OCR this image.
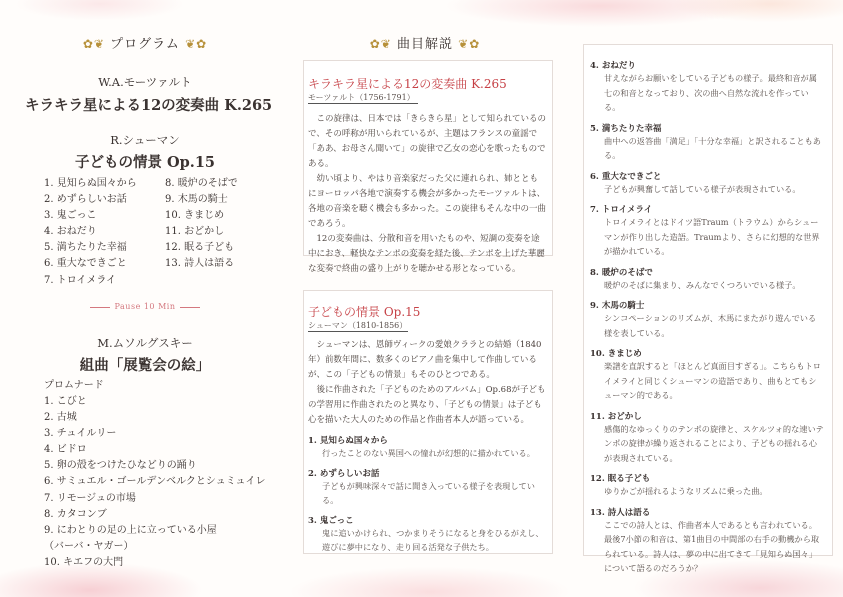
✿❦ プログラム ❦✿
W.A.モーツァルト
キラキラ星による12の変奏曲 K.265
R.シューマン
子どもの情景 Op.15
1. 見知らぬ国々から
2. めずらしいお話
3. 鬼ごっこ
4. おねだり
5. 満ちたりた幸福
6. 重大なできごと
7. トロイメライ
8. 暖炉のそばで
9. 木馬の騎士
10. きまじめ
11. おどかし
12. 眠る子ども
13. 詩人は語る
Pause 10 Min
M.ムソルグスキー
組曲「展覧会の絵」
プロムナード
1. こびと
2. 古城
3. チュイルリー
4. ビドロ
5. 卵の殻をつけたひなどりの踊り
6. サミュエル・ゴールデンベルクとシュミュイレ
7. リモージュの市場
8. カタコンブ
9. にわとりの足の上に立っている小屋
（バーバ・ヤガー）
10. キエフの大門
✿❦ 曲目解説 ❦✿
キラキラ星による12の変奏曲 K.265
モーツァルト（1756-1791）
この旋律は、日本では「きらきら星」として知られているので、その呼称が用いられているが、主題はフランスの童謡で「ああ、お母さん聞いて」の旋律で乙女の恋心を歌ったものである。
幼い頃より、やはり音楽家だった父に連れられ、姉とともにヨーロッパ各地で演奏する機会が多かったモーツァルトは、各地の音楽を聴く機会も多かった。この旋律もそんな中の一曲であろう。
12の変奏曲は、分散和音を用いたものや、短調の変奏を途中におき、軽快なテンポの変奏を経た後、テンポを上げた華麗な変奏で終曲の盛り上がりを聴かせる形となっている。
子どもの情景 Op.15
シューマン（1810-1856）
シューマンは、恩師ヴィークの愛娘クララとの結婚（1840年）前数年間に、数多くのピアノ曲を集中して作曲しているが、この「子どもの情景」もそのひとつである。
後に作曲された「子どものためのアルバム」Op.68が子どもの学習用に作曲されたのと異なり、「子どもの情景」は子ども心を描いた大人のための作品と作曲者本人が語っている。
1. 見知らぬ国々から
行ったことのない異国への憧れが幻想的に描かれている。
2. めずらしいお話
子どもが興味深々で話に聞き入っている様子を表現している。
3. 鬼ごっこ
鬼に追いかけられ、つかまりそうになると身をひるがえし、遊びに夢中になり、走り回る活発な子供たち。
4. おねだり
甘えながらお願いをしている子どもの様子。最終和音が属七の和音となっており、次の曲へ自然な流れを作っている。
5. 満ちたりた幸福
曲中への返答曲「満足」「十分な幸福」と訳されることもある。
6. 重大なできごと
子どもが興奮して話している様子が表現されている。
7. トロイメライ
トロイメライとはドイツ語Traum（トラウム）からシューマンが作り出した造語。Traumより、さらに幻想的な世界が描かれている。
8. 暖炉のそばで
暖炉のそばに集まり、みんなでくつろいでいる様子。
9. 木馬の騎士
シンコペーションのリズムが、木馬にまたがり遊んでいる様を表している。
10. きまじめ
楽譜を直訳すると「ほとんど真面目すぎる」。こちらもトロイメライと同じくシューマンの造語であり、曲もとてもシューマン的である。
11. おどかし
感傷的なゆっくりのテンポの旋律と、スケルツォ的な速いテンポの旋律が繰り返されることにより、子どもの揺れる心が表現されている。
12. 眠る子ども
ゆりかごが揺れるようなリズムに乗った曲。
13. 詩人は語る
ここでの詩人とは、作曲者本人であるとも言われている。最後7小節の和音は、第1曲目の中間部の右手の動機から取られている。詩人は、夢の中に出てきて「見知らぬ国々」について語るのだろうか？
